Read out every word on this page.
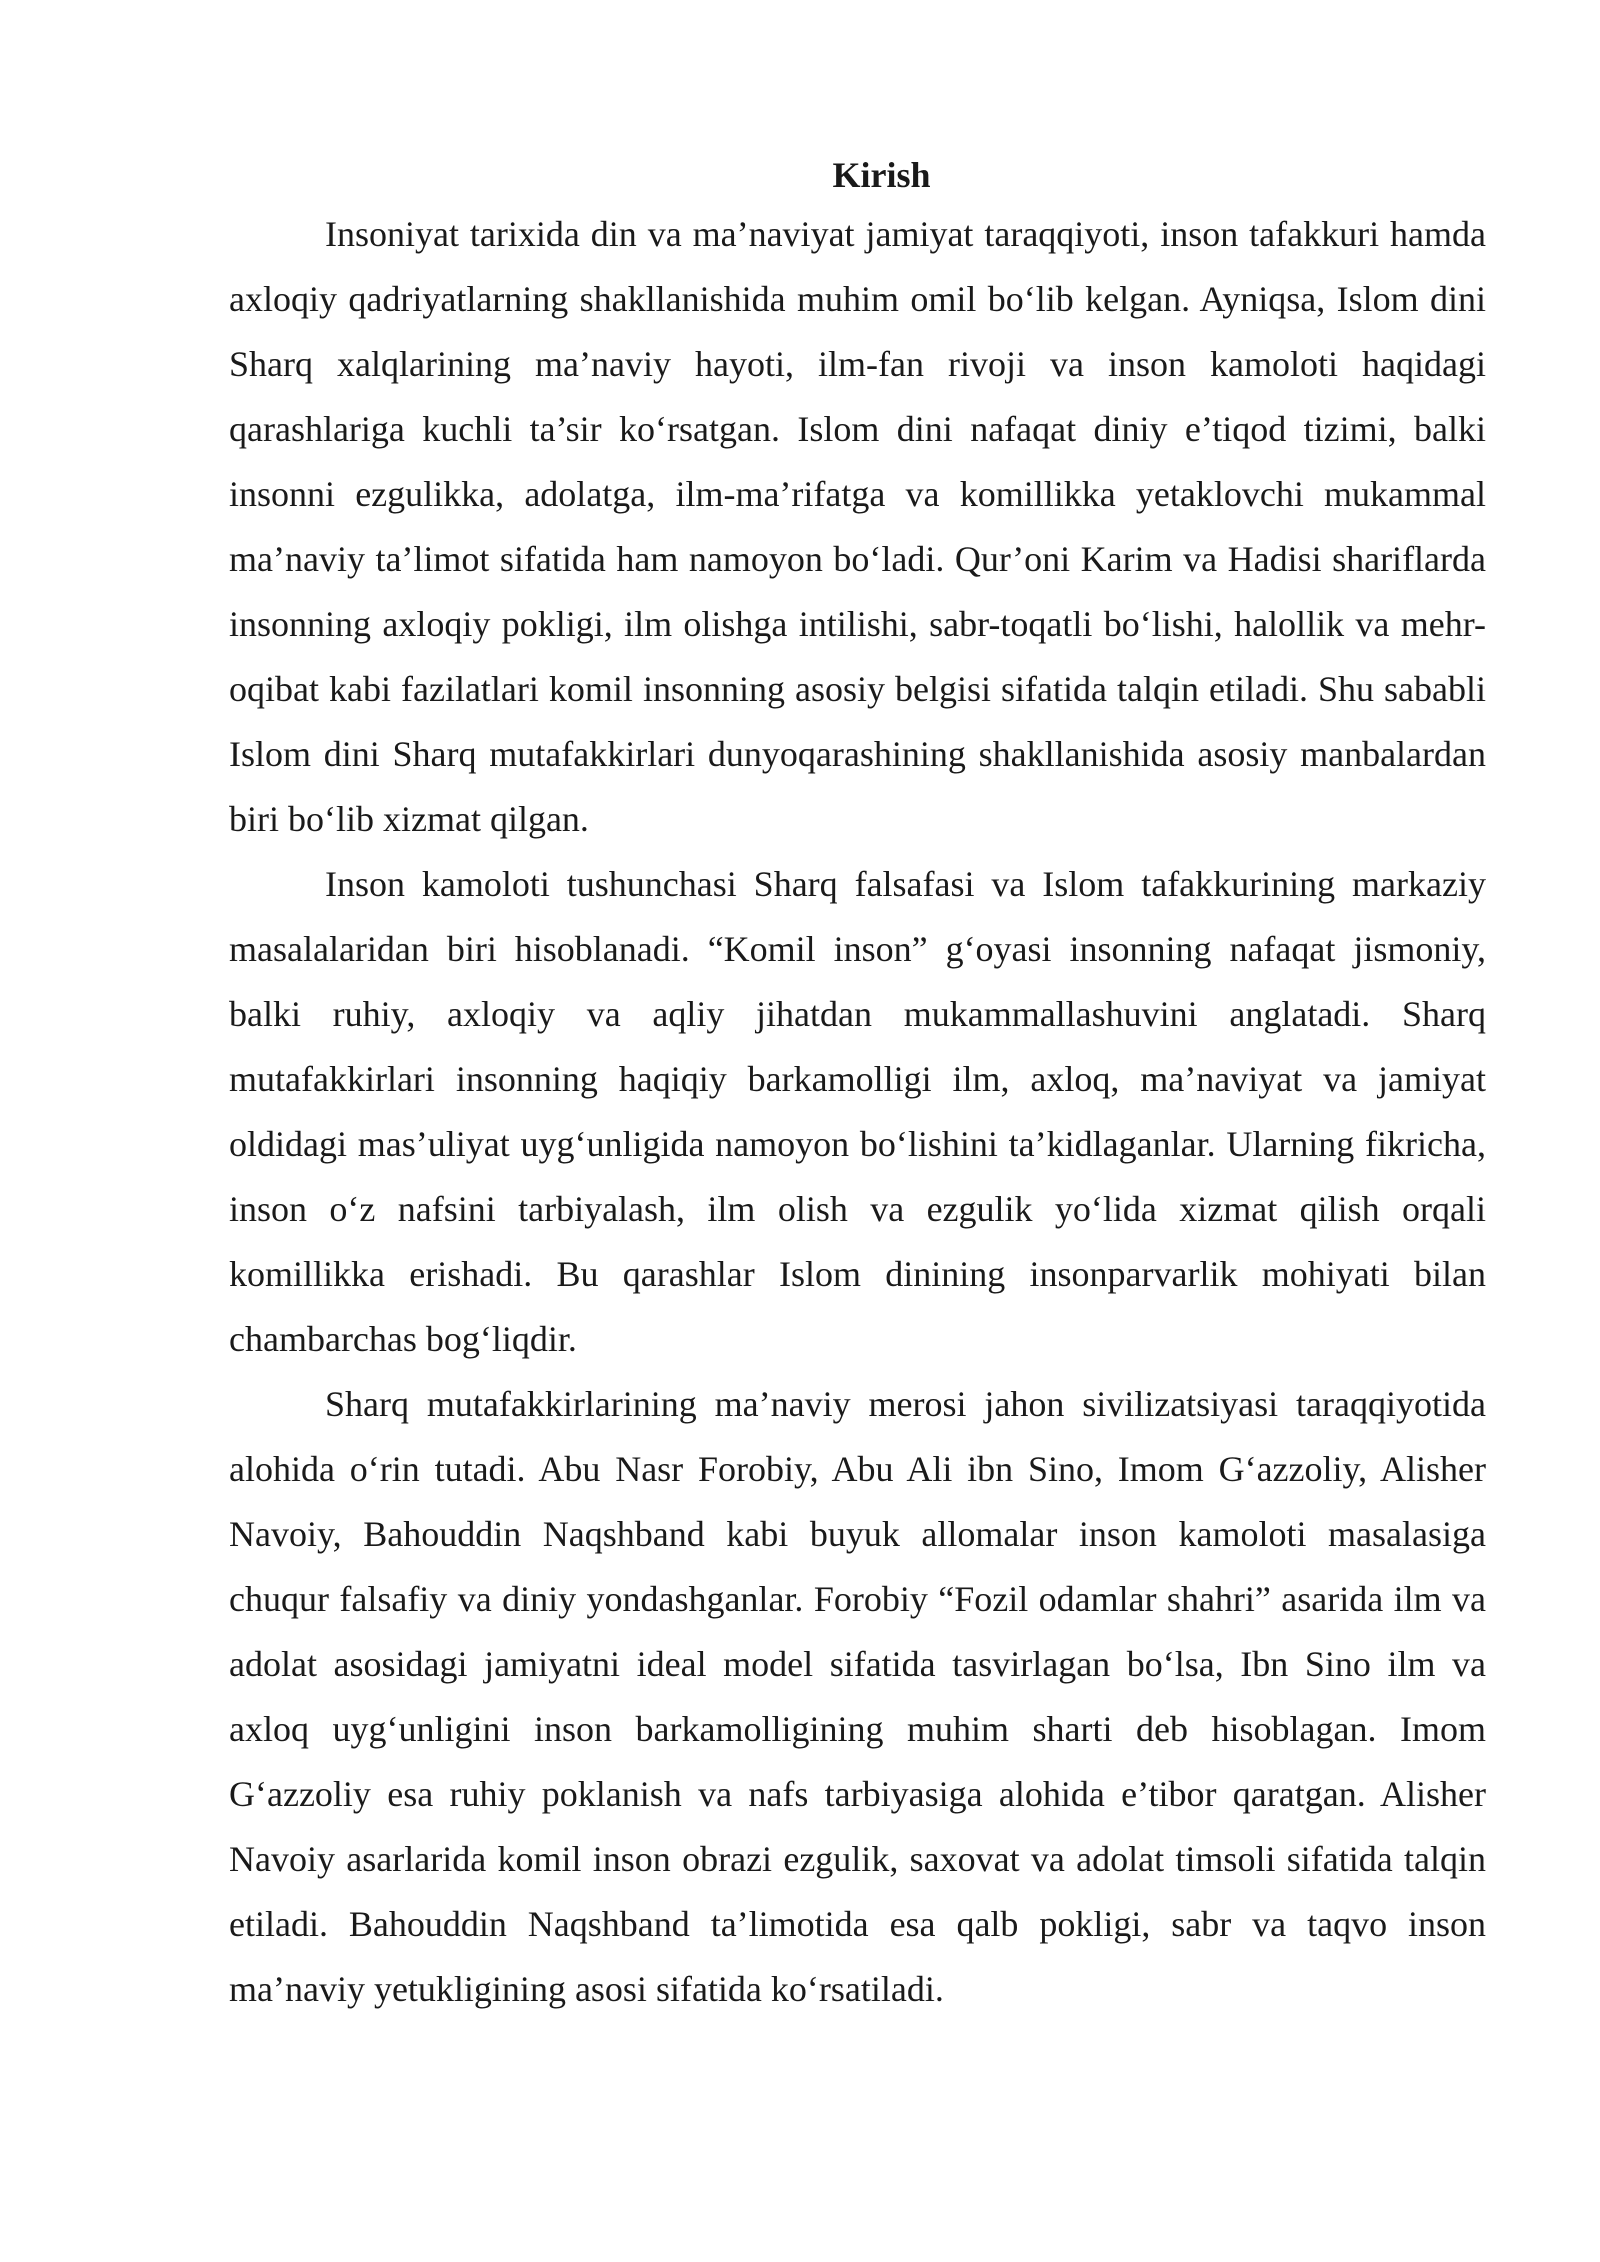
Kirish

Insoniyat tarixida din va ma’naviyat jamiyat taraqqiyoti, inson tafakkuri hamda axloqiy qadriyatlarning shakllanishida muhim omil bo‘lib kelgan. Ayniqsa, Islom dini Sharq xalqlarining ma’naviy hayoti, ilm-fan rivoji va inson kamoloti haqidagi qarashlariga kuchli ta’sir ko‘rsatgan. Islom dini nafaqat diniy e’tiqod tizimi, balki insonni ezgulikka, adolatga, ilm-ma’rifatga va komillikka yetaklovchi mukammal ma’naviy ta’limot sifatida ham namoyon bo‘ladi. Qur’oni Karim va Hadisi shariflarda insonning axloqiy pokligi, ilm olishga intilishi, sabr-toqatli bo‘lishi, halollik va mehr-oqibat kabi fazilatlari komil insonning asosiy belgisi sifatida talqin etiladi. Shu sababli Islom dini Sharq mutafakkirlari dunyoqarashining shakllanishida asosiy manbalardan biri bo‘lib xizmat qilgan.

Inson kamoloti tushunchasi Sharq falsafasi va Islom tafakkurining markaziy masalalaridan biri hisoblanadi. “Komil inson” g‘oyasi insonning nafaqat jismoniy, balki ruhiy, axloqiy va aqliy jihatdan mukammallashuvini anglatadi. Sharq mutafakkirlari insonning haqiqiy barkamolligi ilm, axloq, ma’naviyat va jamiyat oldidagi mas’uliyat uyg‘unligida namoyon bo‘lishini ta’kidlaganlar. Ularning fikricha, inson o‘z nafsini tarbiyalash, ilm olish va ezgulik yo‘lida xizmat qilish orqali komillikka erishadi. Bu qarashlar Islom dinining insonparvarlik mohiyati bilan chambarchas bog‘liqdir.

Sharq mutafakkirlarining ma’naviy merosi jahon sivilizatsiyasi taraqqiyotida alohida o‘rin tutadi. Abu Nasr Forobiy, Abu Ali ibn Sino, Imom G‘azzoliy, Alisher Navoiy, Bahouddin Naqshband kabi buyuk allomalar inson kamoloti masalasiga chuqur falsafiy va diniy yondashganlar. Forobiy “Fozil odamlar shahri” asarida ilm va adolat asosidagi jamiyatni ideal model sifatida tasvirlagan bo‘lsa, Ibn Sino ilm va axloq uyg‘unligini inson barkamolligining muhim sharti deb hisoblagan. Imom G‘azzoliy esa ruhiy poklanish va nafs tarbiyasiga alohida e’tibor qaratgan. Alisher Navoiy asarlarida komil inson obrazi ezgulik, saxovat va adolat timsoli sifatida talqin etiladi. Bahouddin Naqshband ta’limotida esa qalb pokligi, sabr va taqvo inson ma’naviy yetukligining asosi sifatida ko‘rsatiladi.
